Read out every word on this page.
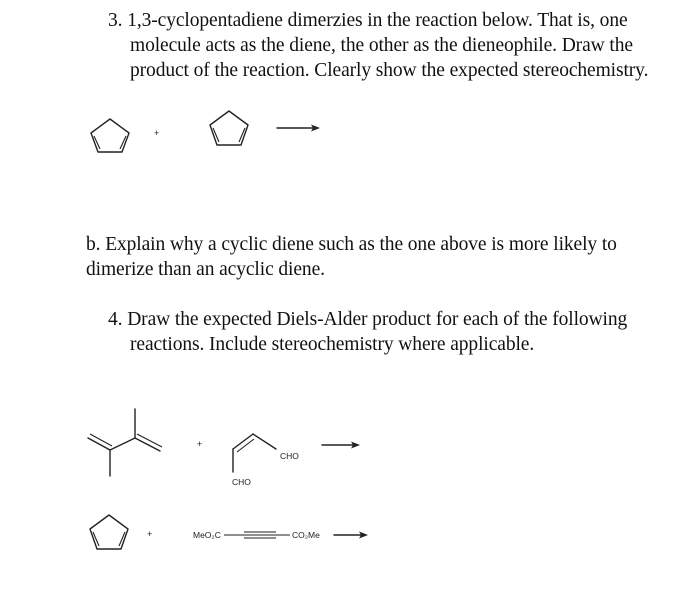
3. 1,3-cyclopentadiene dimerzies in the reaction below. That is, one molecule acts as the diene, the other as the dieneophile. Draw the product of the reaction. Clearly show the expected stereochemistry.

b. Explain why a cyclic diene such as the one above is more likely to dimerize than an acyclic diene.

4. Draw the expected Diels-Alder product for each of the following reactions. Include stereochemistry where applicable.

+
+
CHO
CHO
+	MeO₂C	CO₂Me
